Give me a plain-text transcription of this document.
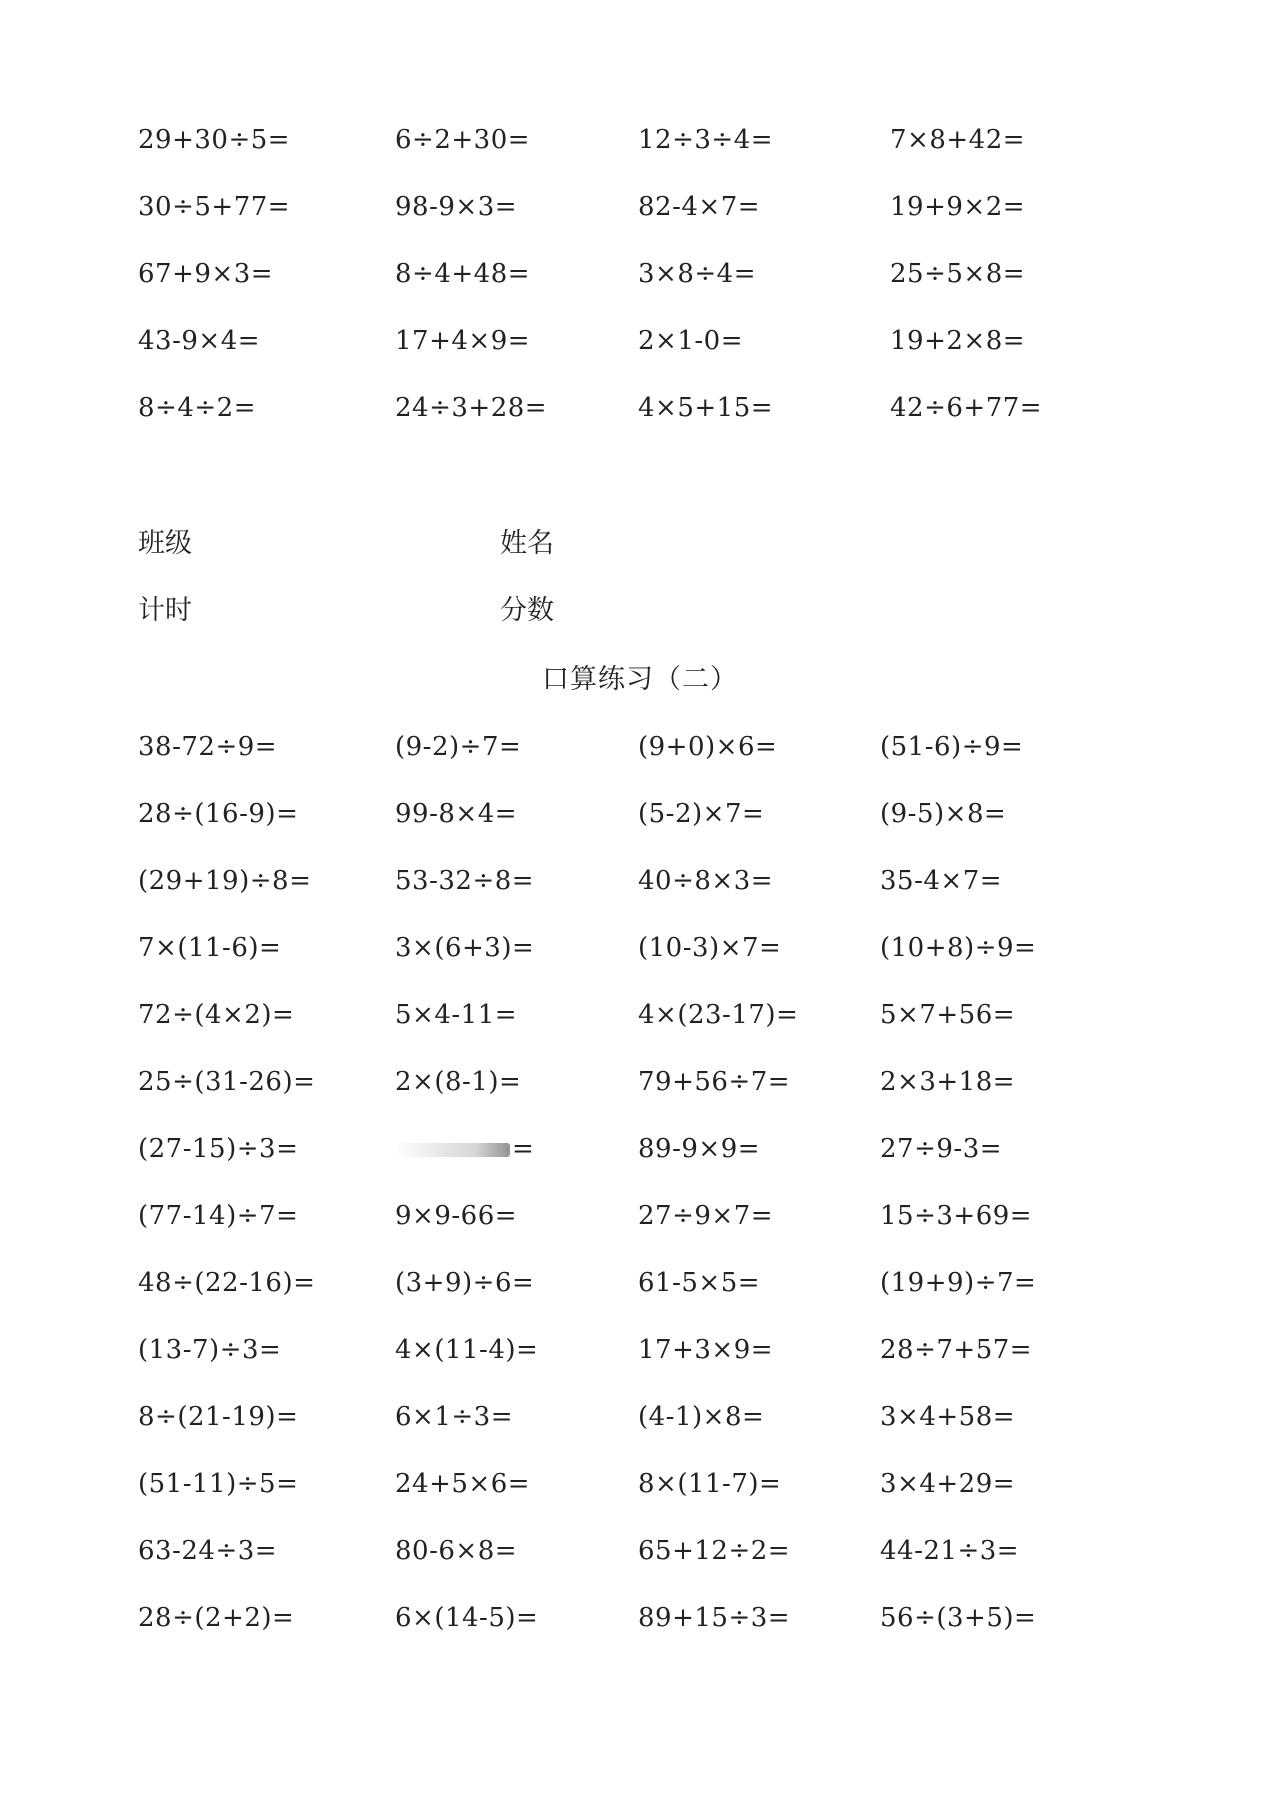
29+30÷5=	6÷2+30=	12÷3÷4=	7×8+42=
30÷5+77=	98-9×3=	82-4×7=	19+9×2=
67+9×3=	8÷4+48=	3×8÷4=	25÷5×8=
43-9×4=	17+4×9=	2×1-0=	19+2×8=
8÷4÷2=	24÷3+28=	4×5+15=	42÷6+77=
班级	姓名
计时	分数
口算练习（二）
38-72÷9=	(9-2)÷7=	(9+0)×6=	(51-6)÷9=
28÷(16-9)=	99-8×4=	(5-2)×7=	(9-5)×8=
(29+19)÷8=	53-32÷8=	40÷8×3=	35-4×7=
7×(11-6)=	3×(6+3)=	(10-3)×7=	(10+8)÷9=
72÷(4×2)=	5×4-11=	4×(23-17)=	5×7+56=
25÷(31-26)=	2×(8-1)=	79+56÷7=	2×3+18=
(27-15)÷3=	=	89-9×9=	27÷9-3=
(77-14)÷7=	9×9-66=	27÷9×7=	15÷3+69=
48÷(22-16)=	(3+9)÷6=	61-5×5=	(19+9)÷7=
(13-7)÷3=	4×(11-4)=	17+3×9=	28÷7+57=
8÷(21-19)=	6×1÷3=	(4-1)×8=	3×4+58=
(51-11)÷5=	24+5×6=	8×(11-7)=	3×4+29=
63-24÷3=	80-6×8=	65+12÷2=	44-21÷3=
28÷(2+2)=	6×(14-5)=	89+15÷3=	56÷(3+5)=
